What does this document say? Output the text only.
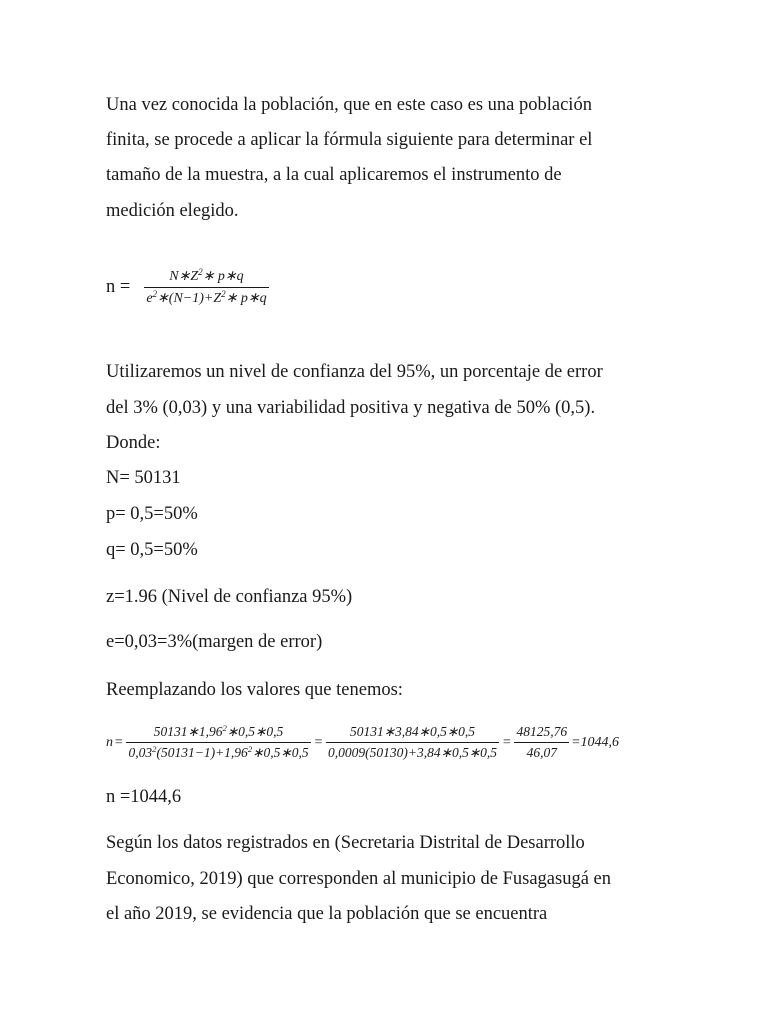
Una vez conocida la población, que en este caso es una población
finita, se procede a aplicar la fórmula siguiente para determinar el
tamaño de la muestra, a la cual aplicaremos el instrumento de
medición elegido.
$n = \frac{N∗Z^2∗ p∗q}{e^2∗(N-1)+Z^2∗ p∗q}$
Utilizaremos un nivel de confianza del 95%, un porcentaje de error
del 3% (0,03) y una variabilidad positiva y negativa de 50% (0,5).
Donde:
N= 50131
p= 0,5=50%
q= 0,5=50%
z=1.96 (Nivel de confianza 95%)
e=0,03=3%(margen de error)
Reemplazando los valores que tenemos:
$n = \frac{50131∗1,96^2∗0,5∗0,5}{0,03^2(50131-1)+1,96^2∗0,5∗0,5} = \frac{50131∗3,84∗0,5∗0,5}{0,0009(50130)+3,84∗0,5∗0,5} = \frac{48125,76}{46,07} =1044,6$
n =1044,6
Según los datos registrados en (Secretaria Distrital de Desarrollo
Economico, 2019) que corresponden al municipio de Fusagasugá en
el año 2019, se evidencia que la población que se encuentra
